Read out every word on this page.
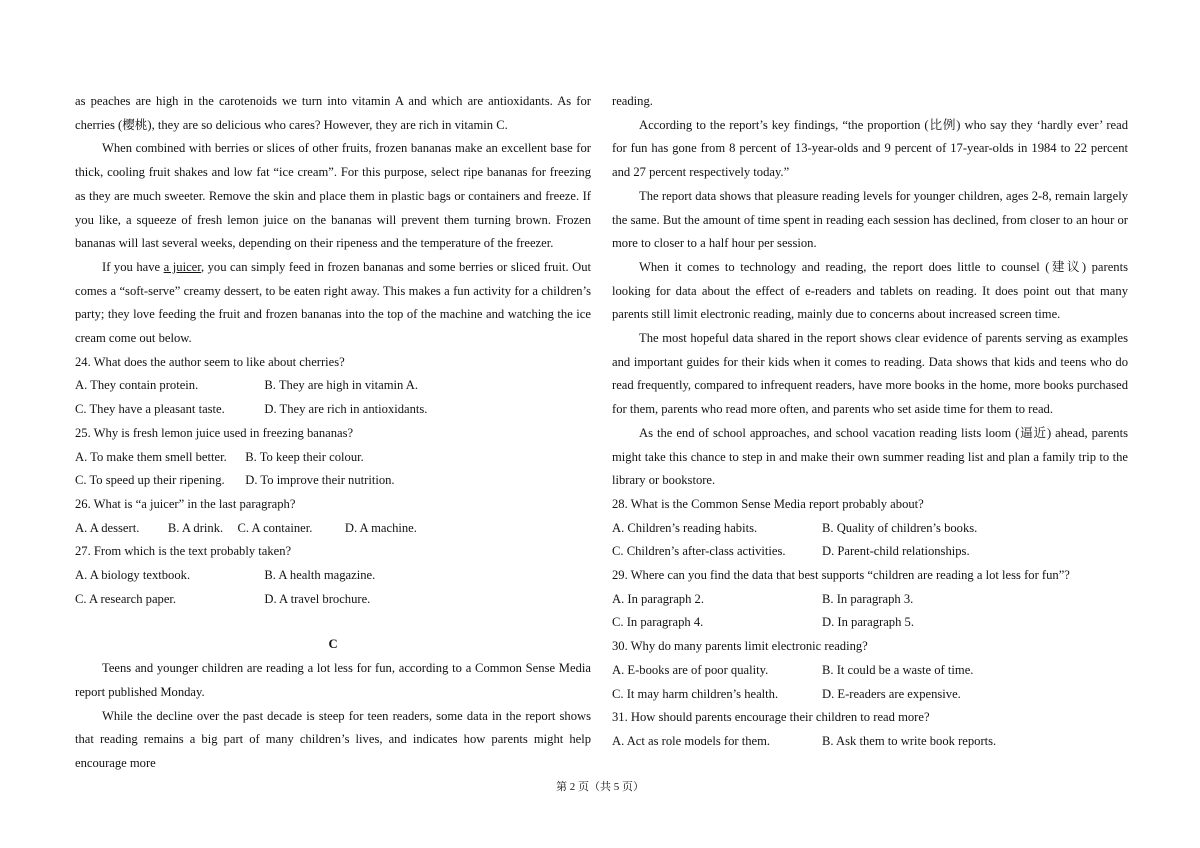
as peaches are high in the carotenoids we turn into vitamin A and which are antioxidants. As for cherries (樱桃), they are so delicious who cares? However, they are rich in vitamin C.

When combined with berries or slices of other fruits, frozen bananas make an excellent base for thick, cooling fruit shakes and low fat “ice cream”. For this purpose, select ripe bananas for freezing as they are much sweeter. Remove the skin and place them in plastic bags or containers and freeze. If you like, a squeeze of fresh lemon juice on the bananas will prevent them turning brown. Frozen bananas will last several weeks, depending on their ripeness and the temperature of the freezer.

If you have a juicer, you can simply feed in frozen bananas and some berries or sliced fruit. Out comes a “soft-serve” creamy dessert, to be eaten right away. This makes a fun activity for a children’s party; they love feeding the fruit and frozen bananas into the top of the machine and watching the ice cream come out below.

24. What does the author seem to like about cherries?

A. They contain protein.	B. They are high in vitamin A.
C. They have a pleasant taste.	D. They are rich in antioxidants.

25. Why is fresh lemon juice used in freezing bananas?

A. To make them smell better.	B. To keep their colour.
C. To speed up their ripening.	D. To improve their nutrition.

26. What is “a juicer” in the last paragraph?

A. A dessert.	B. A drink.	C. A container.	D. A machine.

27. From which is the text probably taken?

A. A biology textbook.	B. A health magazine.
C. A research paper.	D. A travel brochure.

C

Teens and younger children are reading a lot less for fun, according to a Common Sense Media report published Monday.

While the decline over the past decade is steep for teen readers, some data in the report shows that reading remains a big part of many children’s lives, and indicates how parents might help encourage more

reading.

According to the report’s key findings, “the proportion (比例) who say they ‘hardly ever’ read for fun has gone from 8 percent of 13-year-olds and 9 percent of 17-year-olds in 1984 to 22 percent and 27 percent respectively today.”

The report data shows that pleasure reading levels for younger children, ages 2-8, remain largely the same. But the amount of time spent in reading each session has declined, from closer to an hour or more to closer to a half hour per session.

When it comes to technology and reading, the report does little to counsel (建议) parents looking for data about the effect of e-readers and tablets on reading. It does point out that many parents still limit electronic reading, mainly due to concerns about increased screen time.

The most hopeful data shared in the report shows clear evidence of parents serving as examples and important guides for their kids when it comes to reading. Data shows that kids and teens who do read frequently, compared to infrequent readers, have more books in the home, more books purchased for them, parents who read more often, and parents who set aside time for them to read.

As the end of school approaches, and school vacation reading lists loom (逼近) ahead, parents might take this chance to step in and make their own summer reading list and plan a family trip to the library or bookstore.

28. What is the Common Sense Media report probably about?

A. Children’s reading habits.	B. Quality of children’s books.
C. Children’s after-class activities.	D. Parent-child relationships.

29. Where can you find the data that best supports “children are reading a lot less for fun”?

A. In paragraph 2.	B. In paragraph 3.
C. In paragraph 4.	D. In paragraph 5.

30. Why do many parents limit electronic reading?

A. E-books are of poor quality.	B. It could be a waste of time.
C. It may harm children’s health.	D. E-readers are expensive.

31. How should parents encourage their children to read more?

A. Act as role models for them.	B. Ask them to write book reports.
第 2 页（共 5 页）
